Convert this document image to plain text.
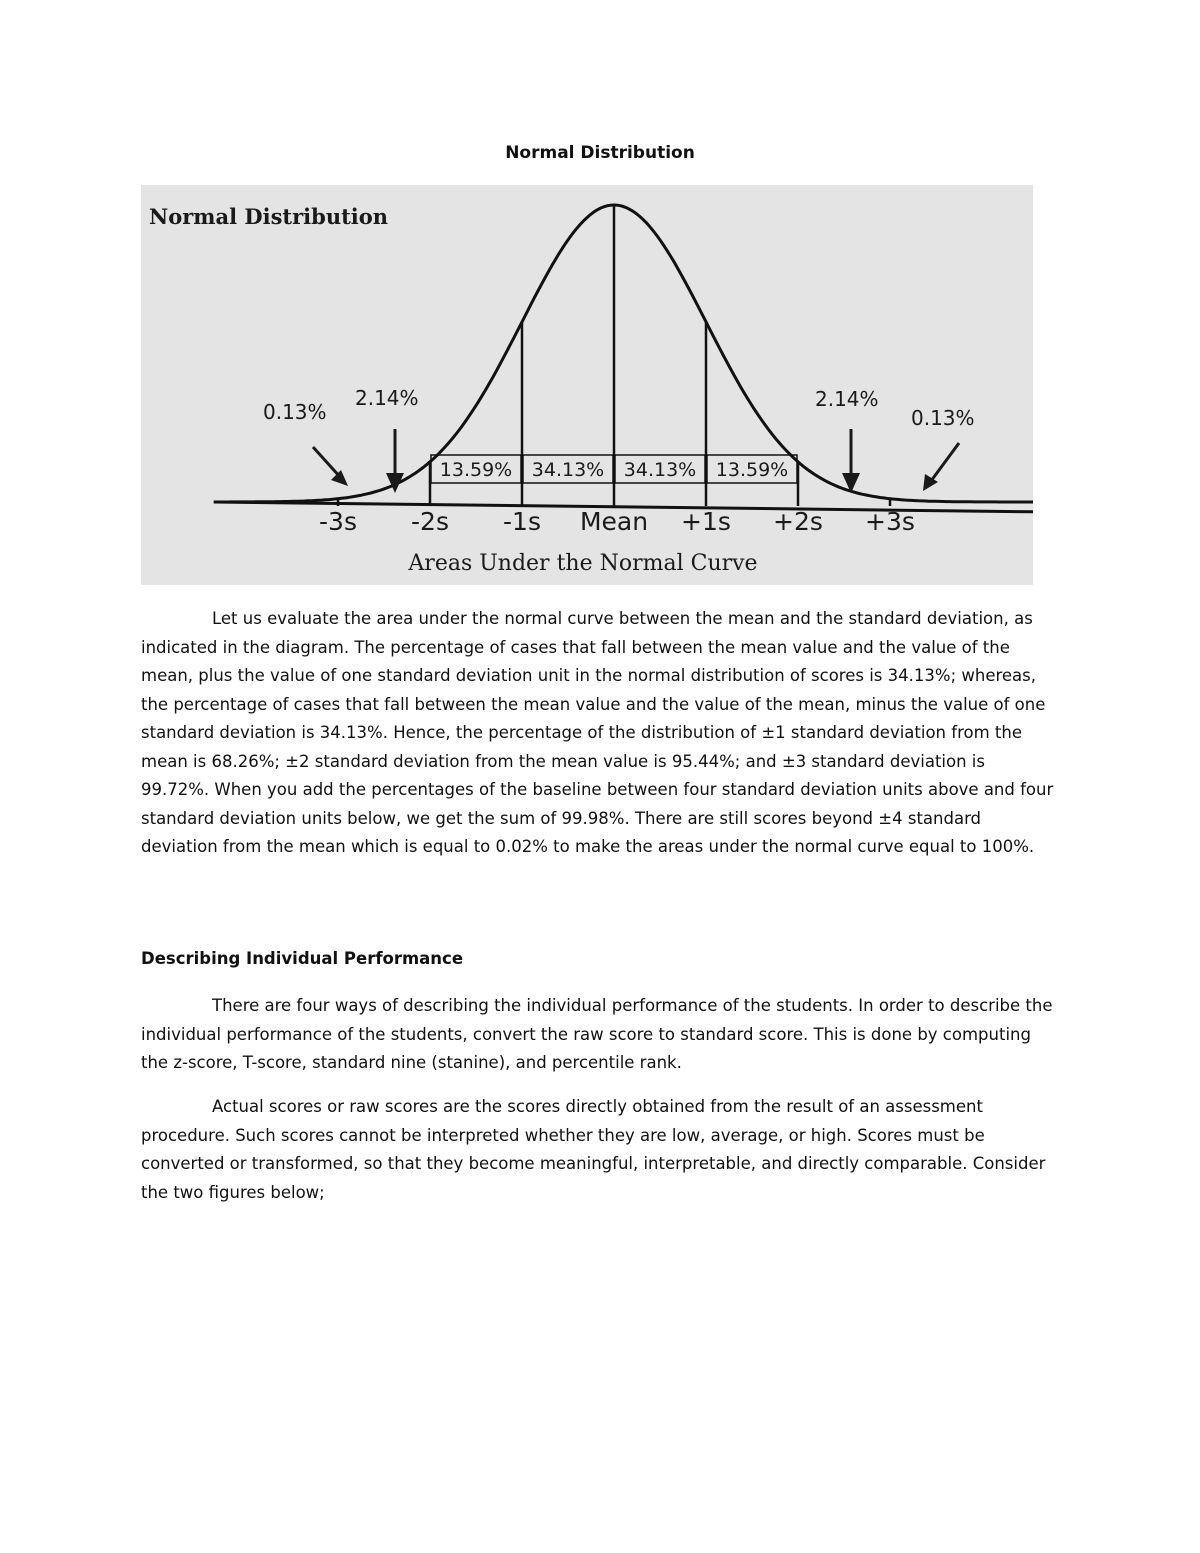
Normal Distribution
Normal Distribution
Areas Under the Normal Curve
-3s -2s -1s Mean +1s +2s +3s
13.59% 34.13% 34.13% 13.59%
0.13%
2.14%	2.14%
0.13%

Let us evaluate the area under the normal curve between the mean and the standard deviation, as indicated in the diagram. The percentage of cases that fall between the mean value and the value of the mean, plus the value of one standard deviation unit in the normal distribution of scores is 34.13%; whereas, the percentage of cases that fall between the mean value and the value of the mean, minus the value of one standard deviation is 34.13%. Hence, the percentage of the distribution of ±1 standard deviation from the mean is 68.26%; ±2 standard deviation from the mean value is 95.44%; and ±3 standard deviation is 99.72%. When you add the percentages of the baseline between four standard deviation units above and four standard deviation units below, we get the sum of 99.98%. There are still scores beyond ±4 standard deviation from the mean which is equal to 0.02% to make the areas under the normal curve equal to 100%.

Describing Individual Performance

There are four ways of describing the individual performance of the students. In order to describe the individual performance of the students, convert the raw score to standard score. This is done by computing the z-score, T-score, standard nine (stanine), and percentile rank.

Actual scores or raw scores are the scores directly obtained from the result of an assessment procedure. Such scores cannot be interpreted whether they are low, average, or high. Scores must be converted or transformed, so that they become meaningful, interpretable, and directly comparable. Consider the two figures below;
